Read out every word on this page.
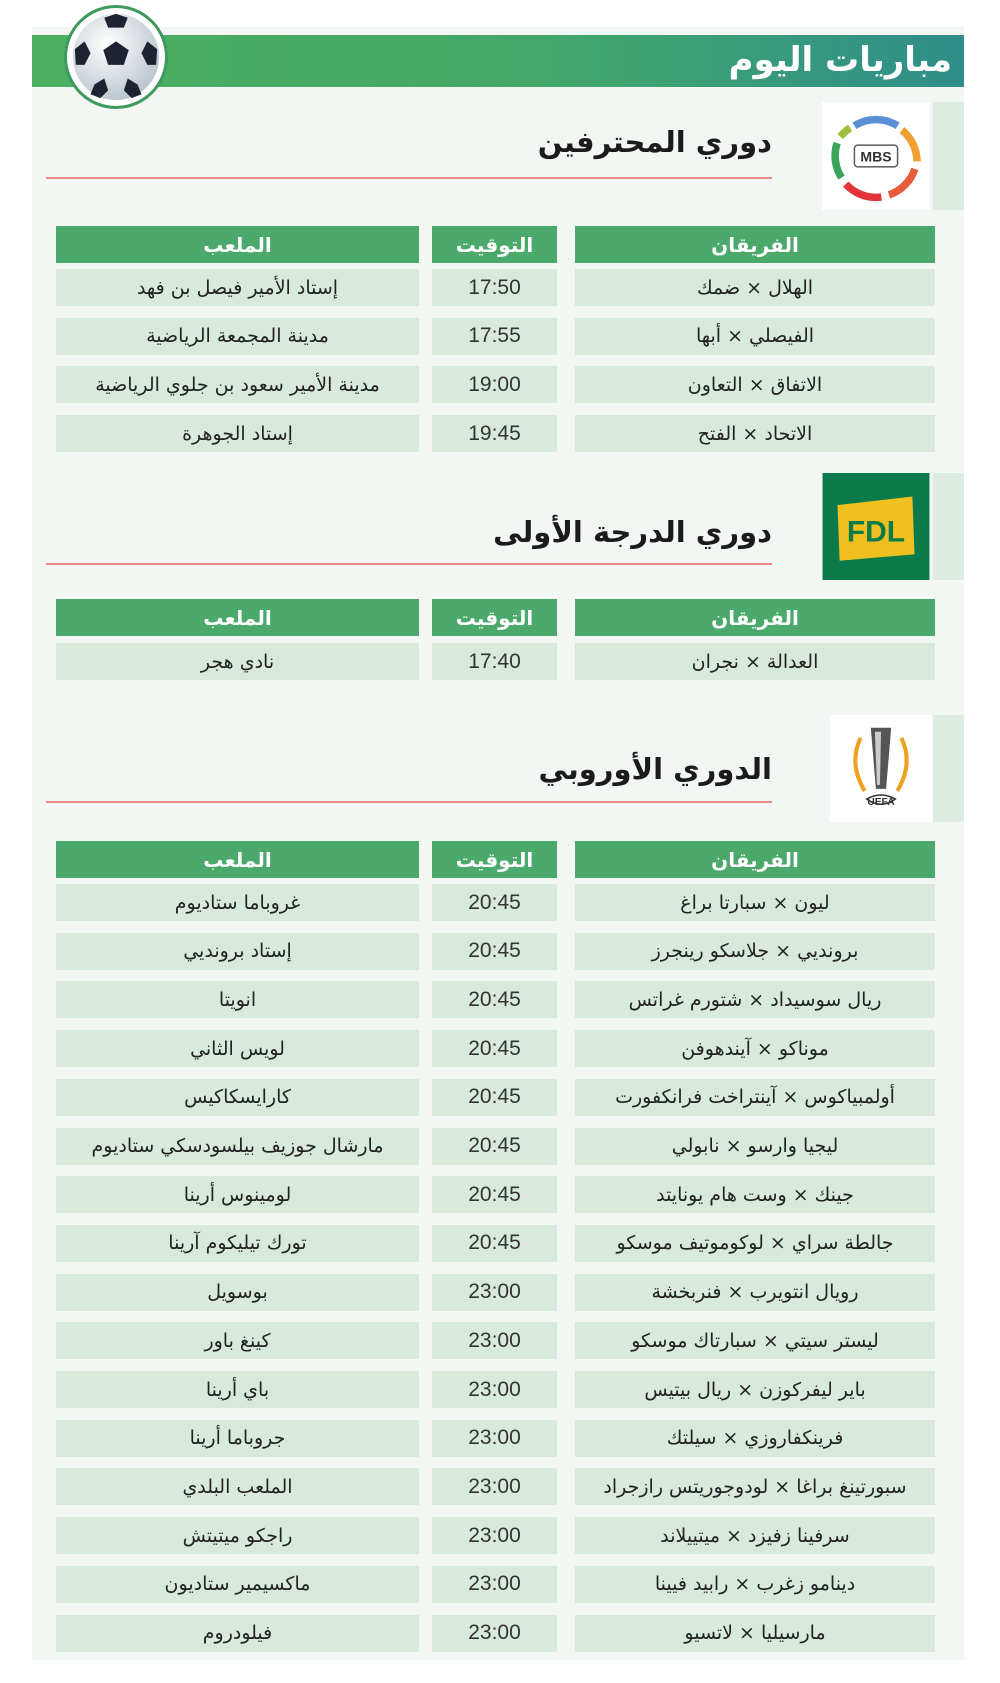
مباريات اليوم
MBS
دوري المحترفين
الفريقان
التوقيت
الملعب
الهلال × ضمك
17:50
إستاد الأمير فيصل بن فهد
الفيصلي × أبها
17:55
مدينة المجمعة الرياضية
الاتفاق × التعاون
19:00
مدينة الأمير سعود بن جلوي الرياضية
الاتحاد × الفتح
19:45
إستاد الجوهرة
FDL
دوري الدرجة الأولى
الفريقان
التوقيت
الملعب
العدالة × نجران
17:40
نادي هجر
UEFA
الدوري الأوروبي
الفريقان
التوقيت
الملعب
ليون × سبارتا براغ
20:45
غروباما ستاديوم
برونديي × جلاسكو رينجرز
20:45
إستاد برونديي
ريال سوسيداد × شتورم غراتس
20:45
انويتا
موناكو × آيندهوفن
20:45
لويس الثاني
أولمبياكوس × آينتراخت فرانكفورت
20:45
كارايسكاكيس
ليجيا وارسو × نابولي
20:45
مارشال جوزيف بيلسودسكي ستاديوم
جينك × وست هام يونايتد
20:45
لومينوس أرينا
جالطة سراي × لوكوموتيف موسكو
20:45
تورك تيليكوم آرينا
رويال انتويرب × فنربخشة
23:00
بوسويل
ليستر سيتي × سبارتاك موسكو
23:00
كينغ باور
باير ليفركوزن × ريال بيتيس
23:00
باي أرينا
فرينكفاروزي × سيلتك
23:00
جروباما أرينا
سبورتينغ براغا × لودوجوريتس رازجراد
23:00
الملعب البلدي
سرفينا زفيزد × ميتييلاند
23:00
راجكو ميتيتش
دينامو زغرب × رابيد فيينا
23:00
ماكسيمير ستاديون
مارسيليا × لاتسيو
23:00
فيلودروم
